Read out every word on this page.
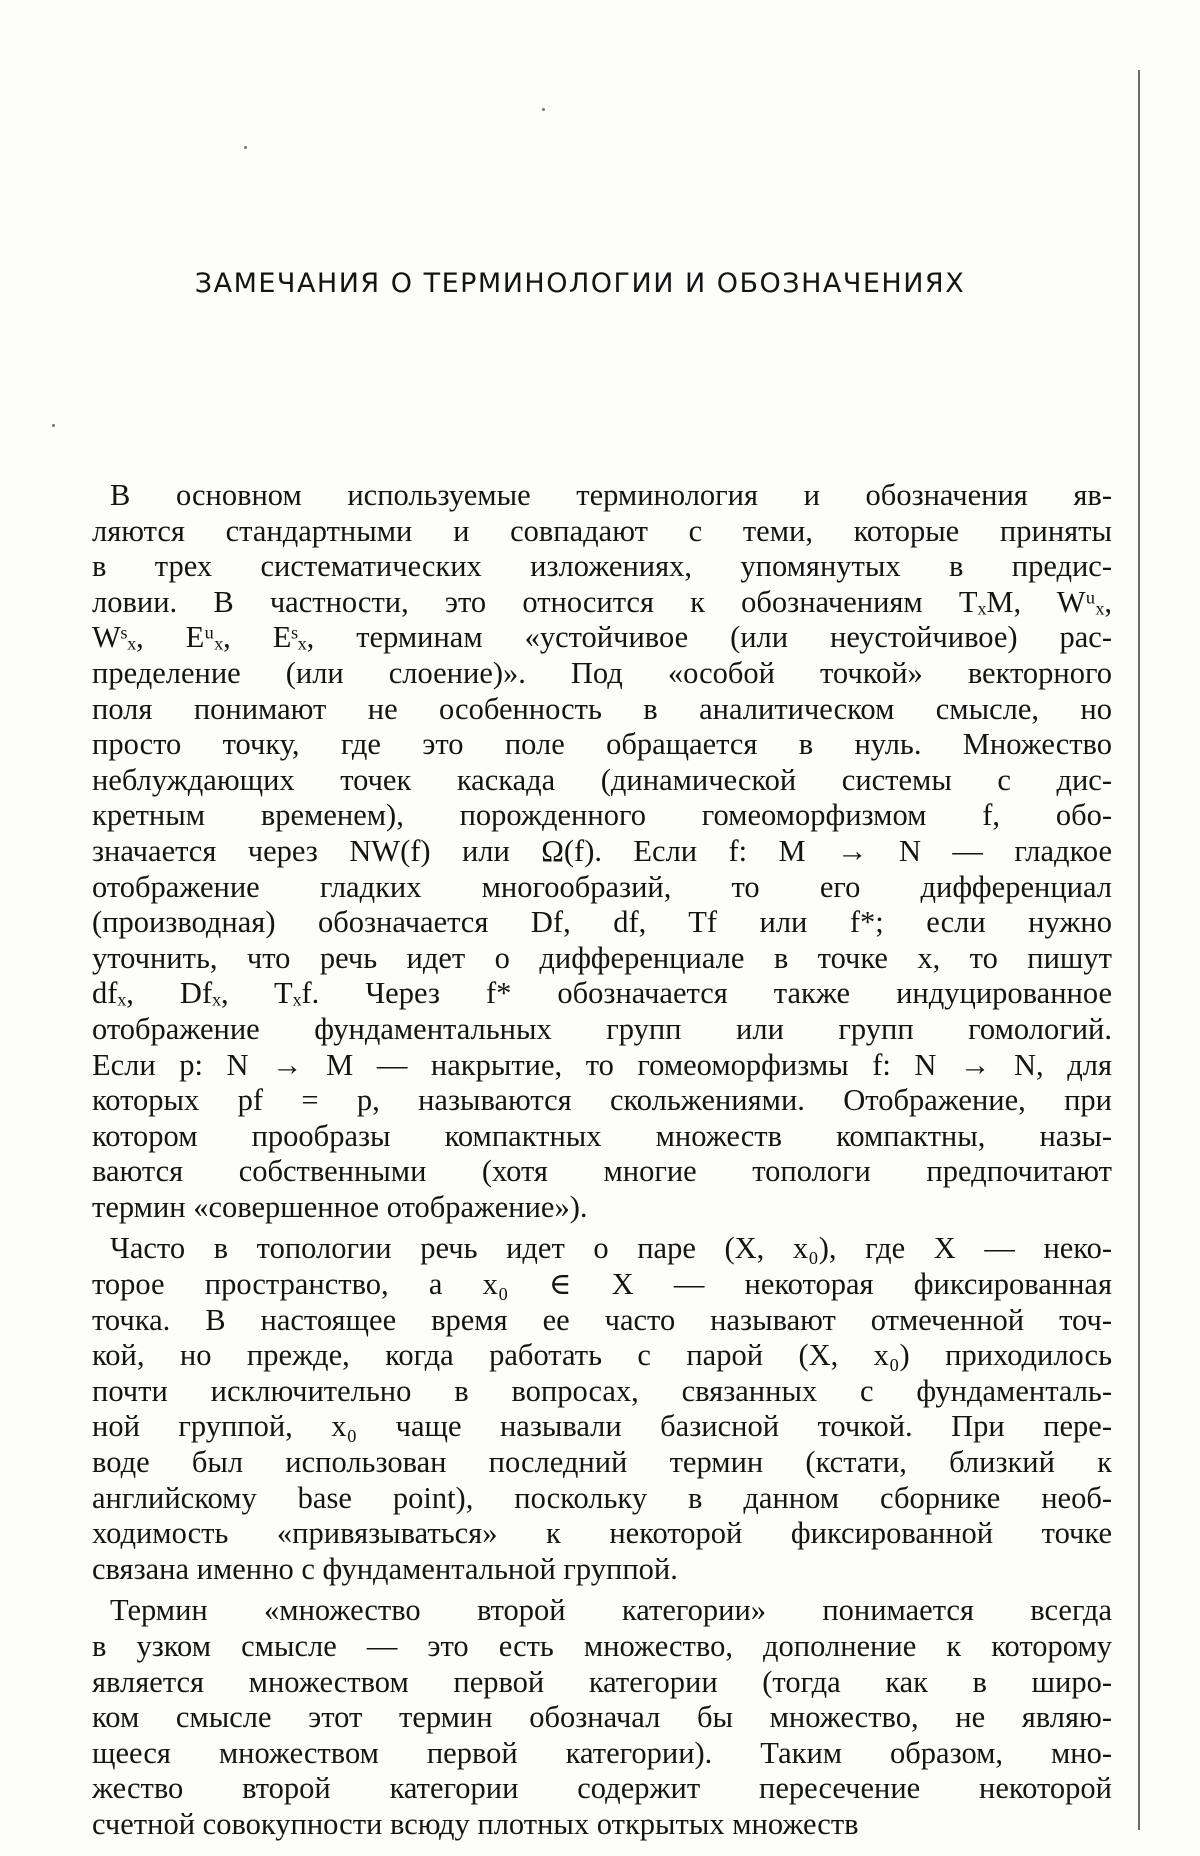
ЗАМЕЧАНИЯ О ТЕРМИНОЛОГИИ И ОБОЗНАЧЕНИЯХ

В основном используемые терминология и обозначения яв-
ляются стандартными и совпадают с теми, которые приняты
в трех систематических изложениях, упомянутых в предис-
ловии. В частности, это относится к обозначениям TₓM, Wᵘₓ,
Wˢₓ, Eᵘₓ, Eˢₓ, терминам «устойчивое (или неустойчивое) рас-
пределение (или слоение)». Под «особой точкой» векторного
поля понимают не особенность в аналитическом смысле, но
просто точку, где это поле обращается в нуль. Множество
неблуждающих точек каскада (динамической системы с дис-
кретным временем), порожденного гомеоморфизмом f, обо-
значается через NW(f) или Ω(f). Если f: M → N — гладкое
отображение гладких многообразий, то его дифференциал
(производная) обозначается Df, df, Tf или f*; если нужно
уточнить, что речь идет о дифференциале в точке x, то пишут
dfₓ, Dfₓ, Tₓf. Через f* обозначается также индуцированное
отображение фундаментальных групп или групп гомологий.
Если p: N → M — накрытие, то гомеоморфизмы f: N → N, для
которых pf = p, называются скольжениями. Отображение, при
котором прообразы компактных множеств компактны, назы-
ваются собственными (хотя многие топологи предпочитают
термин «совершенное отображение»).

Часто в топологии речь идет о паре (X, x₀), где X — неко-
торое пространство, а x₀ ∈ X — некоторая фиксированная
точка. В настоящее время ее часто называют отмеченной точ-
кой, но прежде, когда работать с парой (X, x₀) приходилось
почти исключительно в вопросах, связанных с фундаменталь-
ной группой, x₀ чаще называли базисной точкой. При пере-
воде был использован последний термин (кстати, близкий к
английскому base point), поскольку в данном сборнике необ-
ходимость «привязываться» к некоторой фиксированной точке
связана именно с фундаментальной группой.

Термин «множество второй категории» понимается всегда
в узком смысле — это есть множество, дополнение к которому
является множеством первой категории (тогда как в широ-
ком смысле этот термин обозначал бы множество, не являю-
щееся множеством первой категории). Таким образом, мно-
жество второй категории содержит пересечение некоторой
счетной совокупности всюду плотных открытых множеств
